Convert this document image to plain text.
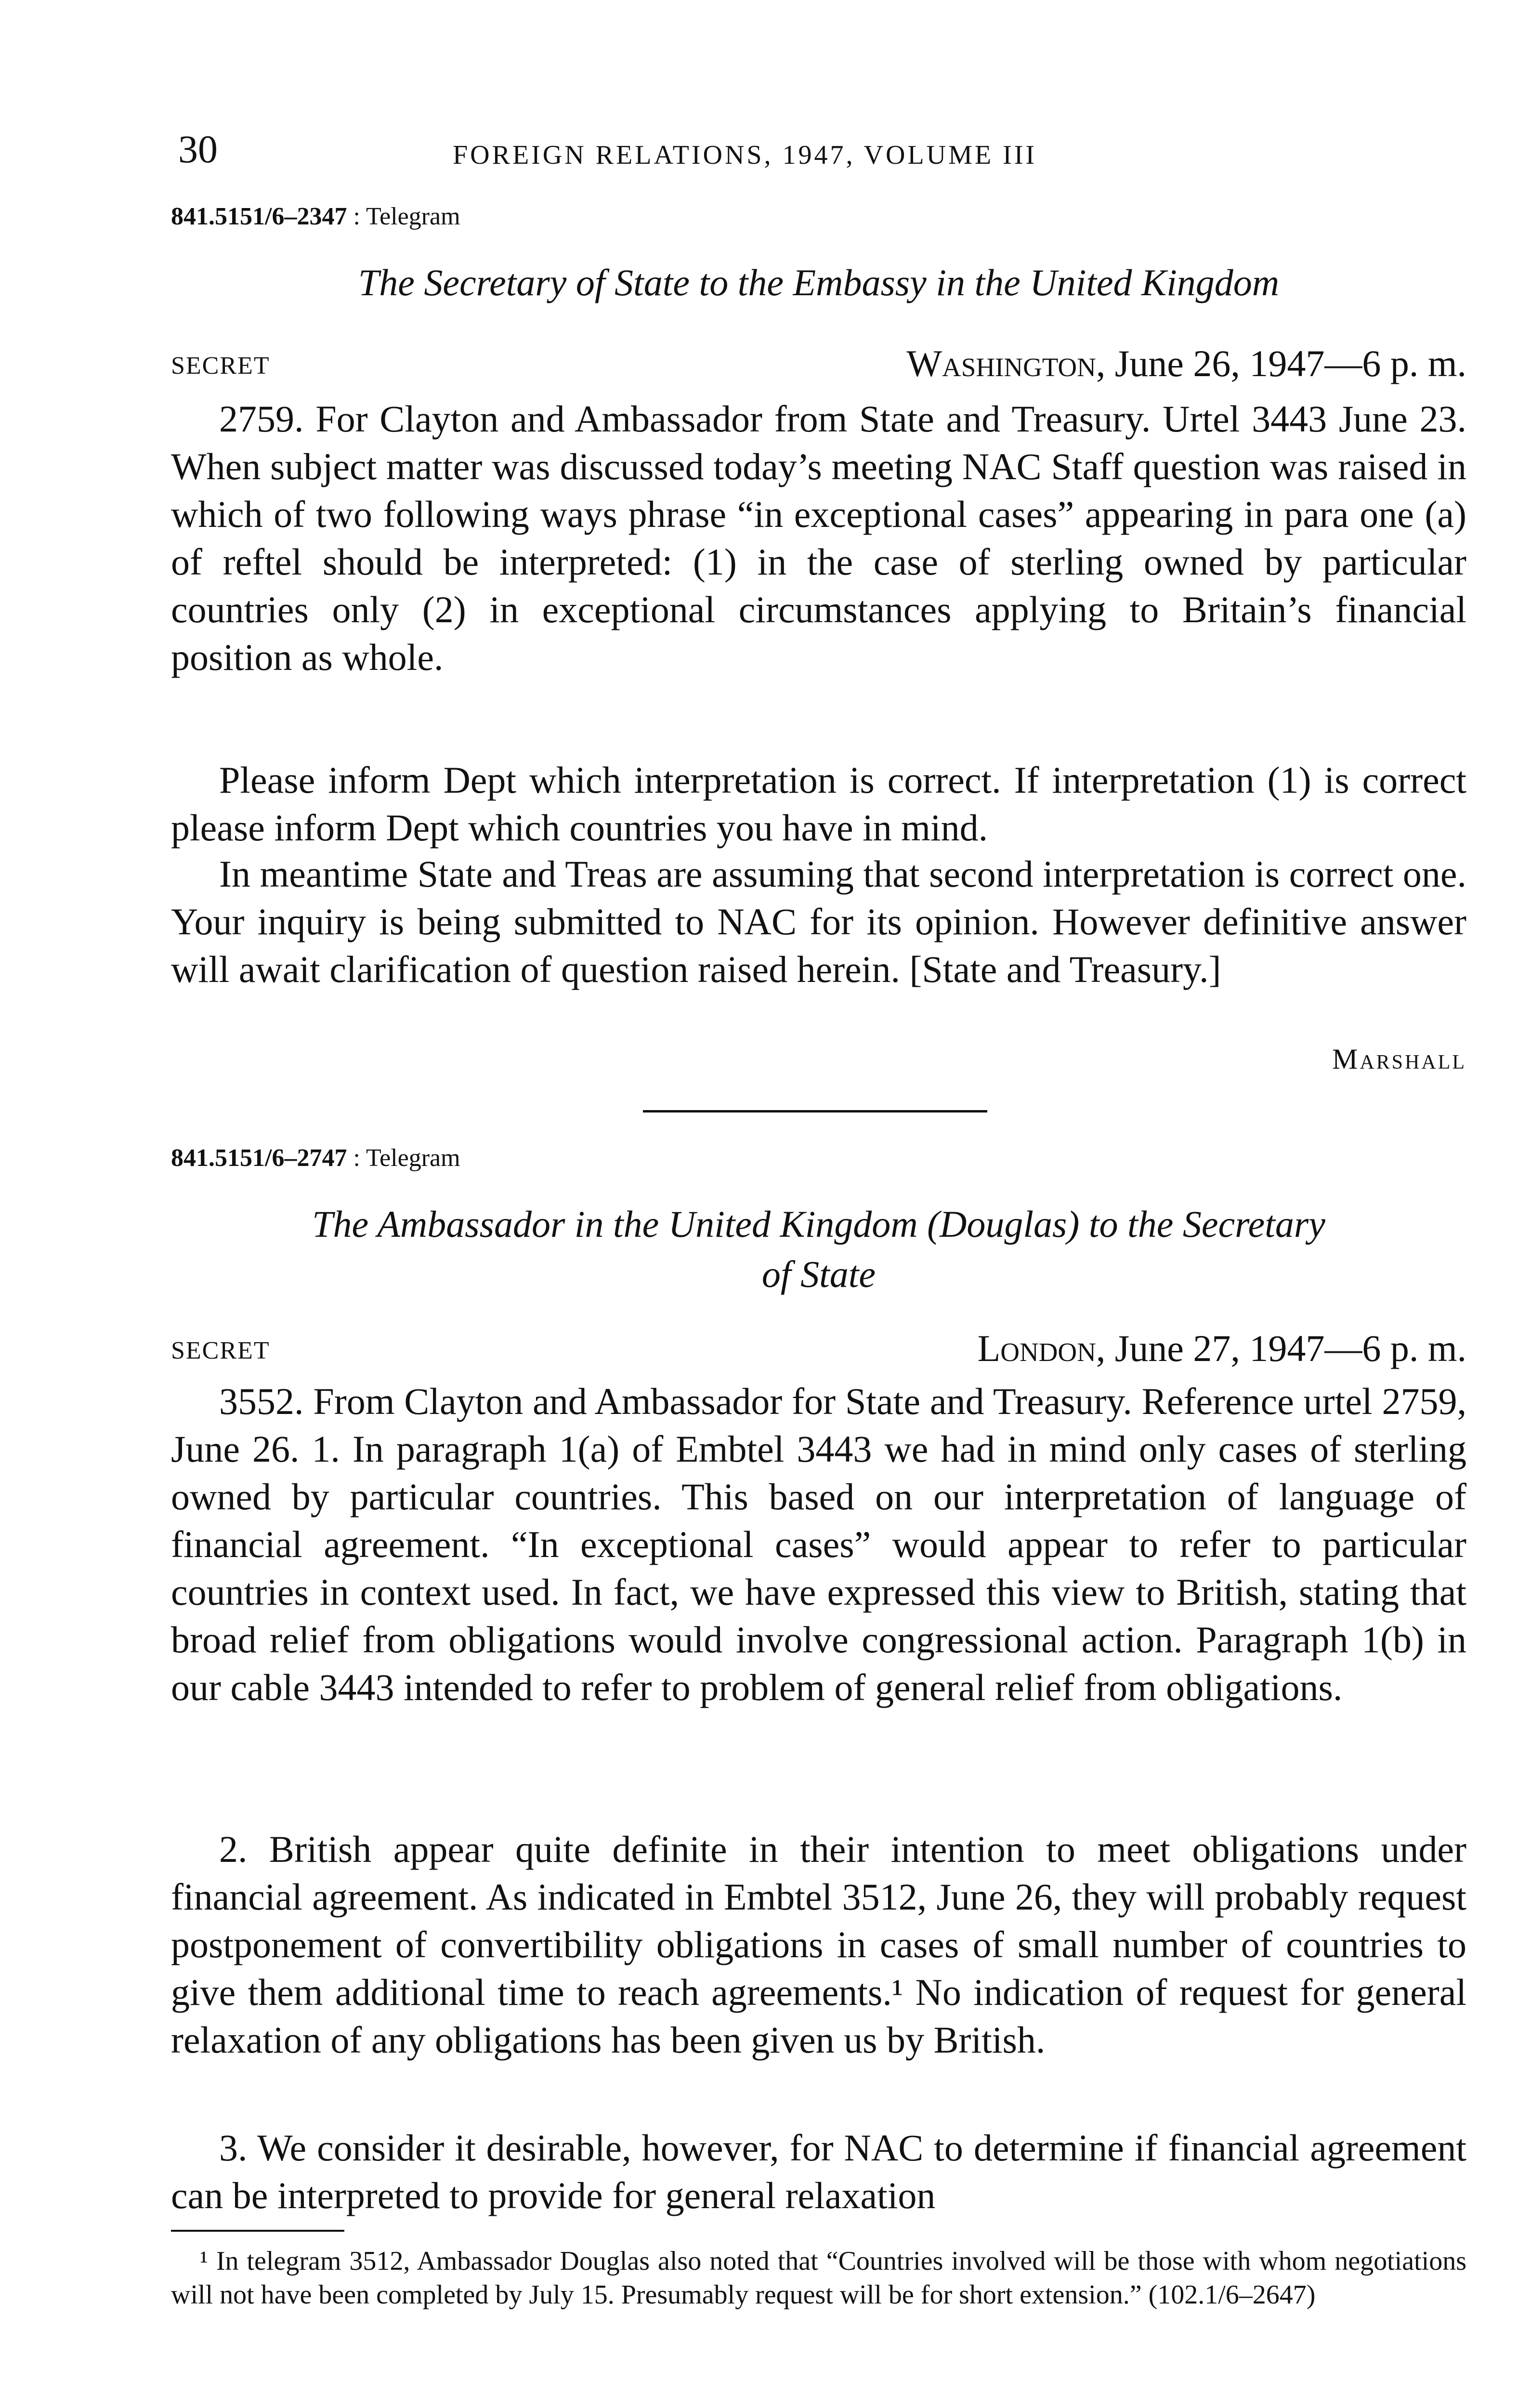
30	FOREIGN RELATIONS, 1947, VOLUME III
841.5151/6–2347 : Telegram
The Secretary of State to the Embassy in the United Kingdom
SECRET	Washington, June 26, 1947—6 p. m.

2759. For Clayton and Ambassador from State and Treasury. Urtel 3443 June 23. When subject matter was discussed today’s meeting NAC Staff question was raised in which of two following ways phrase “in exceptional cases” appearing in para one (a) of reftel should be interpreted: (1) in the case of sterling owned by particular countries only (2) in exceptional circumstances applying to Britain’s financial position as whole.

Please inform Dept which interpretation is correct. If interpretation (1) is correct please inform Dept which countries you have in mind.

In meantime State and Treas are assuming that second interpretation is correct one. Your inquiry is being submitted to NAC for its opinion. However definitive answer will await clarification of question raised herein. [State and Treasury.]

Marshall
841.5151/6–2747 : Telegram
The Ambassador in the United Kingdom (Douglas) to the Secretary
of State
SECRET	London, June 27, 1947—6 p. m.

3552. From Clayton and Ambassador for State and Treasury. Reference urtel 2759, June 26. 1. In paragraph 1(a) of Embtel 3443 we had in mind only cases of sterling owned by particular countries. This based on our interpretation of language of financial agreement. “In exceptional cases” would appear to refer to particular countries in context used. In fact, we have expressed this view to British, stating that broad relief from obligations would involve congressional action. Paragraph 1(b) in our cable 3443 intended to refer to problem of general relief from obligations.

2. British appear quite definite in their intention to meet obligations under financial agreement. As indicated in Embtel 3512, June 26, they will probably request postponement of convertibility obligations in cases of small number of countries to give them additional time to reach agreements.¹ No indication of request for general relaxation of any obligations has been given us by British.

3. We consider it desirable, however, for NAC to determine if financial agreement can be interpreted to provide for general relaxation

¹ In telegram 3512, Ambassador Douglas also noted that “Countries involved will be those with whom negotiations will not have been completed by July 15. Presumably request will be for short extension.” (102.1/6–2647)
